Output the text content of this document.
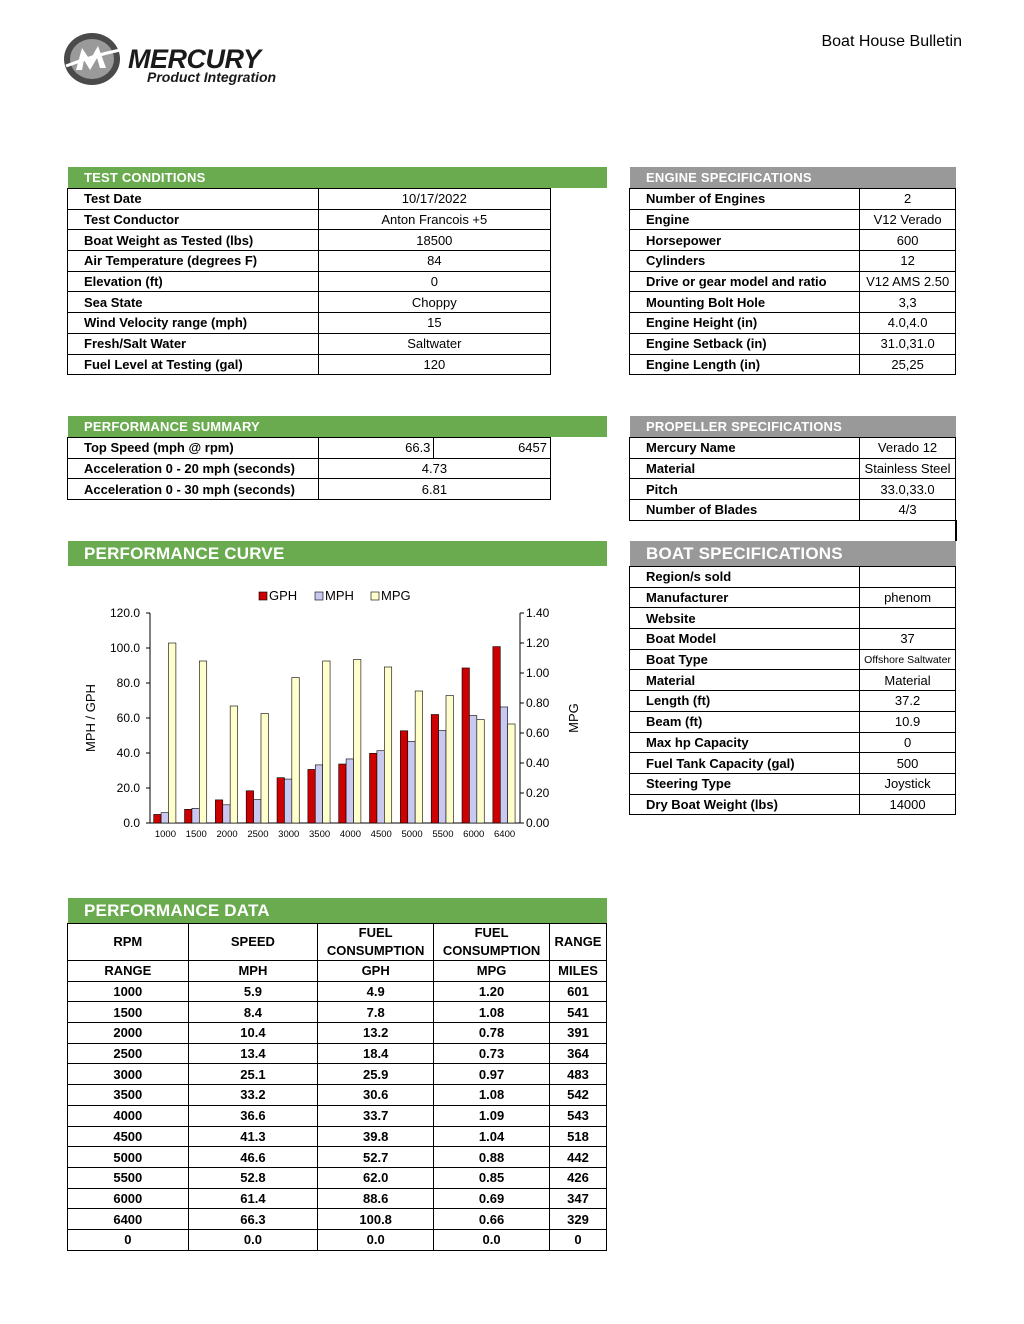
MERCURY
Product Integration
Boat House Bulletin
TEST CONDITIONS
Test Date	10/17/2022
Test Conductor	Anton Francois +5
Boat Weight as Tested (lbs)	18500
Air Temperature (degrees F)	84
Elevation (ft)	0
Sea State	Choppy
Wind Velocity range (mph)	15
Fresh/Salt Water	Saltwater
Fuel Level at Testing (gal)	120
ENGINE SPECIFICATIONS
Number of Engines	2
Engine	V12 Verado
Horsepower	600
Cylinders	12
Drive or gear model and ratio	V12 AMS 2.50
Mounting Bolt Hole	3,3
Engine Height (in)	4.0,4.0
Engine Setback (in)	31.0,31.0
Engine Length (in)	25,25
PERFORMANCE SUMMARY
Top Speed (mph @ rpm)	66.3	6457
Acceleration 0 - 20 mph (seconds)	4.73	
Acceleration 0 - 30 mph (seconds)	6.81	
PROPELLER SPECIFICATIONS
Mercury Name	Verado 12
Material	Stainless Steel
Pitch	33.0,33.0
Number of Blades	4/3
PERFORMANCE CURVE
0.0
20.0
40.0
60.0
80.0
100.0
120.0
0.00
0.20
0.40
0.60
0.80
1.00
1.20
1.40
1000 1500 2000 2500 3000 3500 4000 4500 5000 5500 6000 6400
MPH / GPH	MPG
GPH MPH MPG
BOAT SPECIFICATIONS
Region/s sold	
Manufacturer	phenom
Website	
Boat Model	37
Boat Type	Offshore Saltwater
Material	Material
Length (ft)	37.2
Beam (ft)	10.9
Max hp Capacity	0
Fuel Tank Capacity (gal)	500
Steering Type	Joystick
Dry Boat Weight (lbs)	14000
PERFORMANCE DATA
RPM	SPEED	FUEL CONSUMPTION	FUEL CONSUMPTION	RANGE
RANGE	MPH	GPH	MPG	MILES
1000	5.9	4.9	1.20	601
1500	8.4	7.8	1.08	541
2000	10.4	13.2	0.78	391
2500	13.4	18.4	0.73	364
3000	25.1	25.9	0.97	483
3500	33.2	30.6	1.08	542
4000	36.6	33.7	1.09	543
4500	41.3	39.8	1.04	518
5000	46.6	52.7	0.88	442
5500	52.8	62.0	0.85	426
6000	61.4	88.6	0.69	347
6400	66.3	100.8	0.66	329
0	0.0	0.0	0.0	0
